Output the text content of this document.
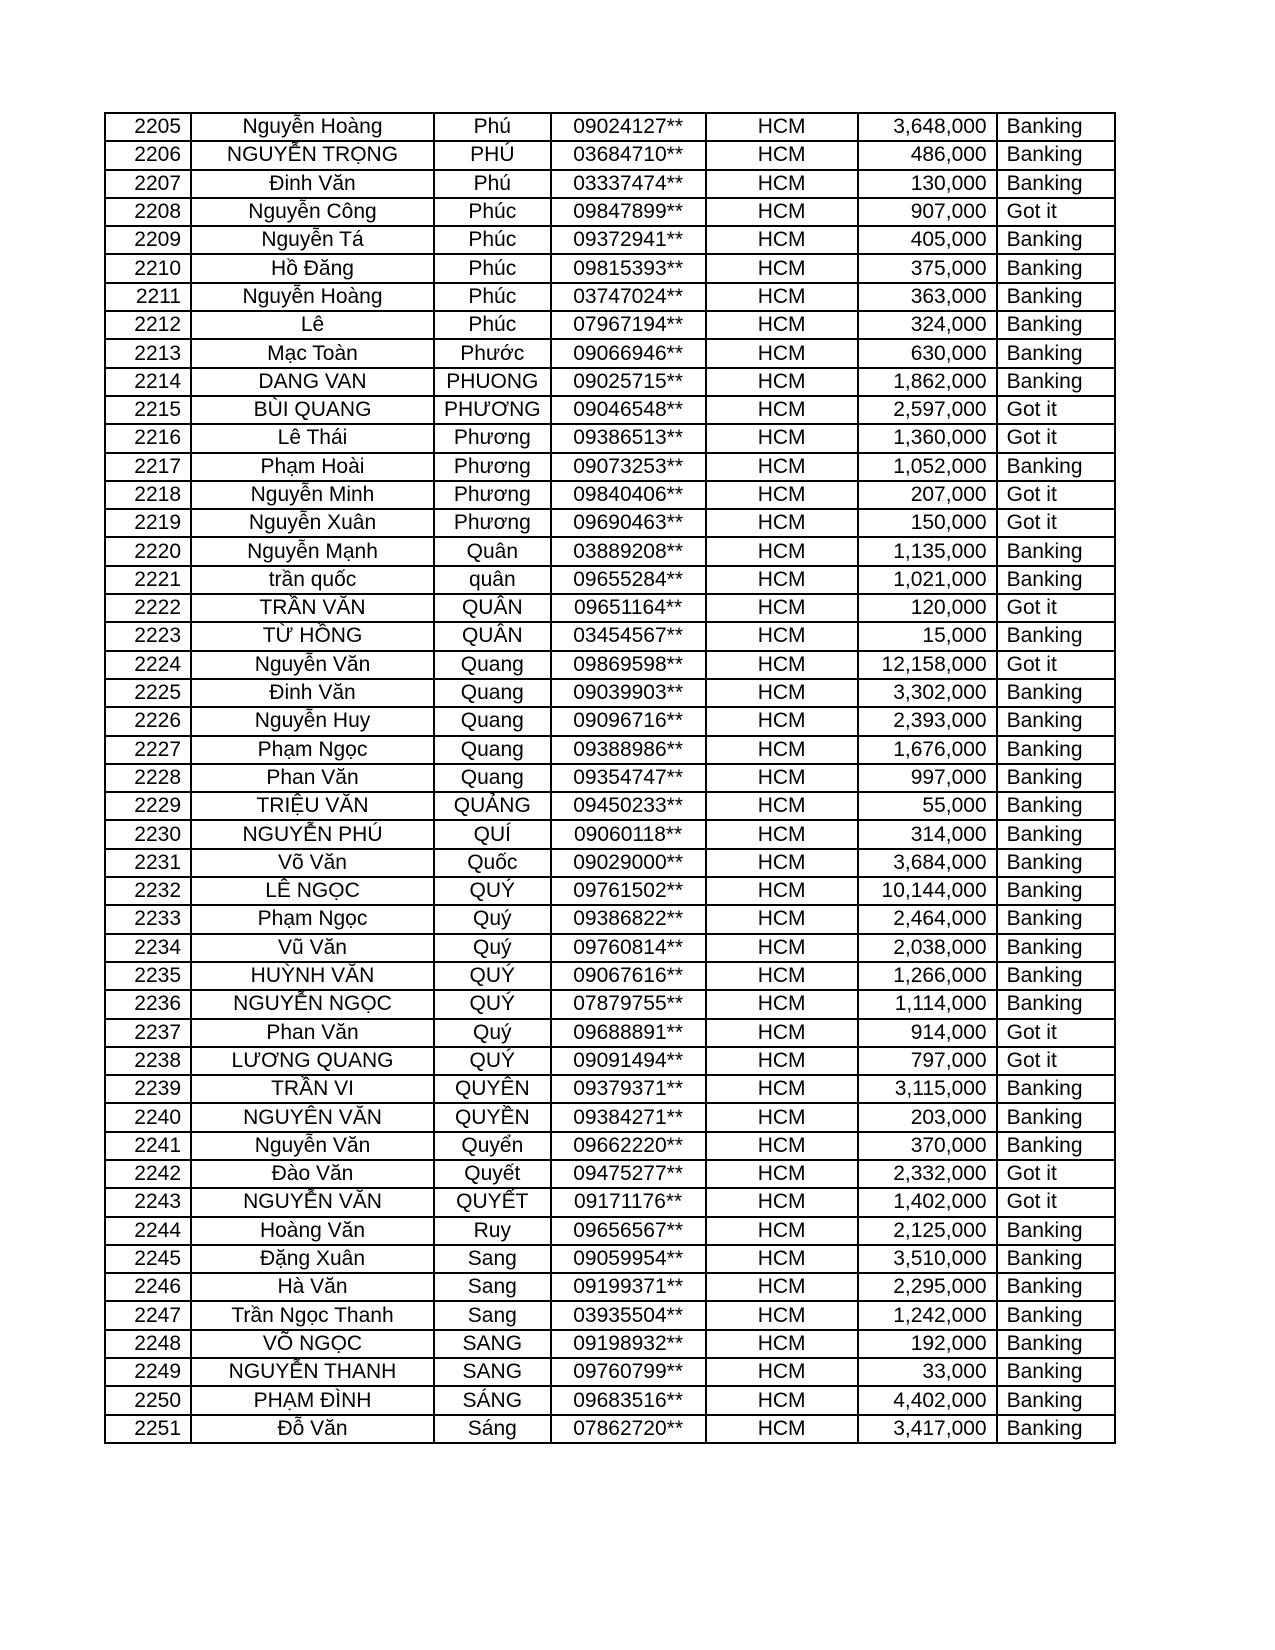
2205	Nguyễn Hoàng	Phú	09024127**	HCM	3,648,000	Banking
2206	NGUYỄN TRỌNG	PHÚ	03684710**	HCM	486,000	Banking
2207	Đinh Văn	Phú	03337474**	HCM	130,000	Banking
2208	Nguyễn Công	Phúc	09847899**	HCM	907,000	Got it
2209	Nguyễn Tá	Phúc	09372941**	HCM	405,000	Banking
2210	Hồ Đăng	Phúc	09815393**	HCM	375,000	Banking
2211	Nguyễn Hoàng	Phúc	03747024**	HCM	363,000	Banking
2212	Lê	Phúc	07967194**	HCM	324,000	Banking
2213	Mạc Toàn	Phước	09066946**	HCM	630,000	Banking
2214	DANG VAN	PHUONG	09025715**	HCM	1,862,000	Banking
2215	BÙI QUANG	PHƯƠNG	09046548**	HCM	2,597,000	Got it
2216	Lê Thái	Phương	09386513**	HCM	1,360,000	Got it
2217	Phạm Hoài	Phương	09073253**	HCM	1,052,000	Banking
2218	Nguyễn Minh	Phương	09840406**	HCM	207,000	Got it
2219	Nguyễn Xuân	Phương	09690463**	HCM	150,000	Got it
2220	Nguyễn Mạnh	Quân	03889208**	HCM	1,135,000	Banking
2221	trần quốc	quân	09655284**	HCM	1,021,000	Banking
2222	TRẦN VĂN	QUÂN	09651164**	HCM	120,000	Got it
2223	TỪ HỒNG	QUÂN	03454567**	HCM	15,000	Banking
2224	Nguyễn Văn	Quang	09869598**	HCM	12,158,000	Got it
2225	Đinh Văn	Quang	09039903**	HCM	3,302,000	Banking
2226	Nguyễn Huy	Quang	09096716**	HCM	2,393,000	Banking
2227	Phạm Ngọc	Quang	09388986**	HCM	1,676,000	Banking
2228	Phan Văn	Quang	09354747**	HCM	997,000	Banking
2229	TRIỆU VĂN	QUẢNG	09450233**	HCM	55,000	Banking
2230	NGUYỄN PHÚ	QUÍ	09060118**	HCM	314,000	Banking
2231	Võ Văn	Quốc	09029000**	HCM	3,684,000	Banking
2232	LÊ NGỌC	QUÝ	09761502**	HCM	10,144,000	Banking
2233	Phạm Ngọc	Quý	09386822**	HCM	2,464,000	Banking
2234	Vũ Văn	Quý	09760814**	HCM	2,038,000	Banking
2235	HUỲNH VĂN	QUÝ	09067616**	HCM	1,266,000	Banking
2236	NGUYỄN NGỌC	QUÝ	07879755**	HCM	1,114,000	Banking
2237	Phan Văn	Quý	09688891**	HCM	914,000	Got it
2238	LƯƠNG QUANG	QUÝ	09091494**	HCM	797,000	Got it
2239	TRẦN VI	QUYÊN	09379371**	HCM	3,115,000	Banking
2240	NGUYÊN VĂN	QUYỀN	09384271**	HCM	203,000	Banking
2241	Nguyễn Văn	Quyển	09662220**	HCM	370,000	Banking
2242	Đào Văn	Quyết	09475277**	HCM	2,332,000	Got it
2243	NGUYỄN VĂN	QUYẾT	09171176**	HCM	1,402,000	Got it
2244	Hoàng Văn	Ruy	09656567**	HCM	2,125,000	Banking
2245	Đặng Xuân	Sang	09059954**	HCM	3,510,000	Banking
2246	Hà Văn	Sang	09199371**	HCM	2,295,000	Banking
2247	Trần Ngọc Thanh	Sang	03935504**	HCM	1,242,000	Banking
2248	VÕ NGỌC	SANG	09198932**	HCM	192,000	Banking
2249	NGUYỄN THANH	SANG	09760799**	HCM	33,000	Banking
2250	PHẠM ĐÌNH	SÁNG	09683516**	HCM	4,402,000	Banking
2251	Đỗ Văn	Sáng	07862720**	HCM	3,417,000	Banking
